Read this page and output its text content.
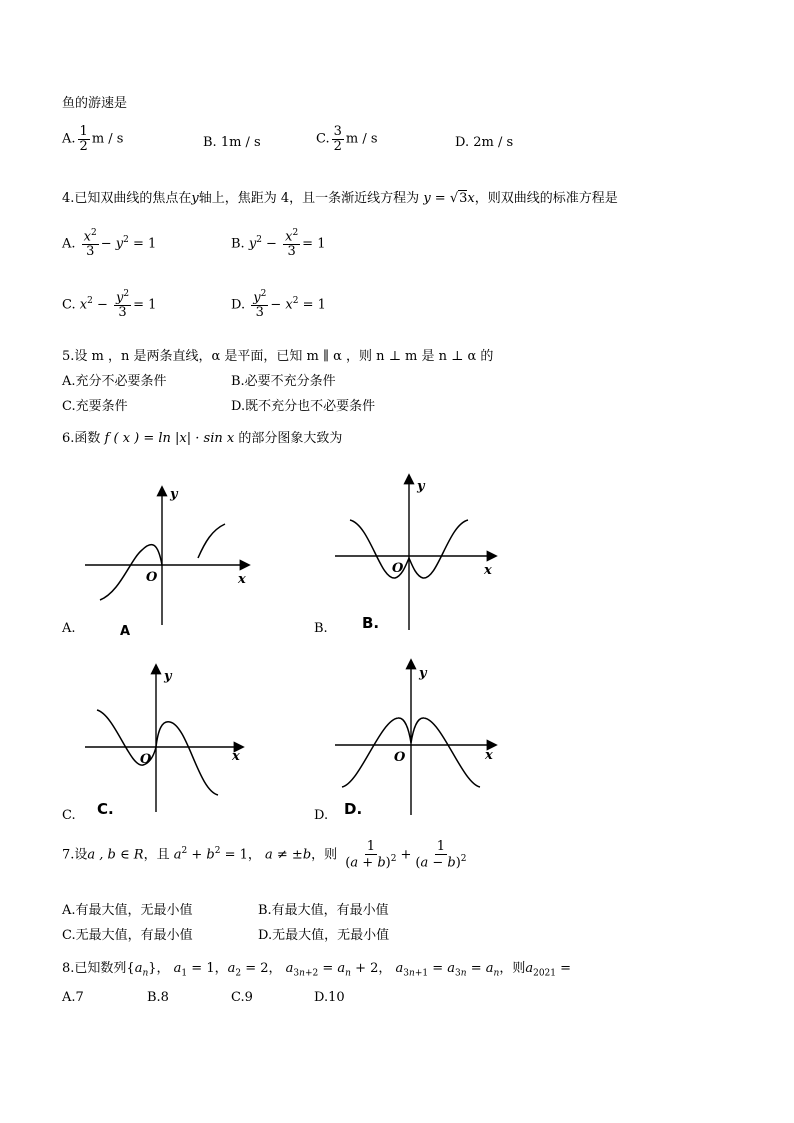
鱼的游速是
A. $\frac{1}{2}$ m / s	B. 1m / s	C. $\frac{3}{2}$ m / s	D. 2m / s
4.已知双曲线的焦点在y轴上，焦距为 4，且一条渐近线方程为 y = √3x，则双曲线的标准方程是
A. $\frac{x^2}{3} - y^2 = 1$	B. $y^2 - \frac{x^2}{3} = 1$
C. $x^2 - \frac{y^2}{3} = 1$	D. $\frac{y^2}{3} - x^2 = 1$
5.设 m ，n 是两条直线，α 是平面，已知 m ∥ α ，则 n ⊥ m 是 n ⊥ α 的
A.充分不必要条件	B.必要不充分条件
C.充要条件	D.既不充分也不必要条件
6.函数 f ( x ) = ln |x| · sin x 的部分图象大致为
y
x
O
A
A.
y
x
O
B.
B.
y
x
O
C.
C.
y
x
O
D.
D.
7.设a , b ∈ R，且 $a^2 + b^2 = 1$， a ≠ ±b，则 $\frac{1}{(a + b)^2} + \frac{1}{(a - b)^2}$
A.有最大值，无最小值	B.有最大值，有最小值
C.无最大值，有最小值	D.无最大值，无最小值
8.已知数列$\{a_n\}$， $a_1 = 1$，$a_2 = 2$， $a_{3n+2} = a_n + 2$， $a_{3n+1} = a_{3n} = a_n$，则$a_{2021}$ =
A.7	B.8	C.9	D.10
